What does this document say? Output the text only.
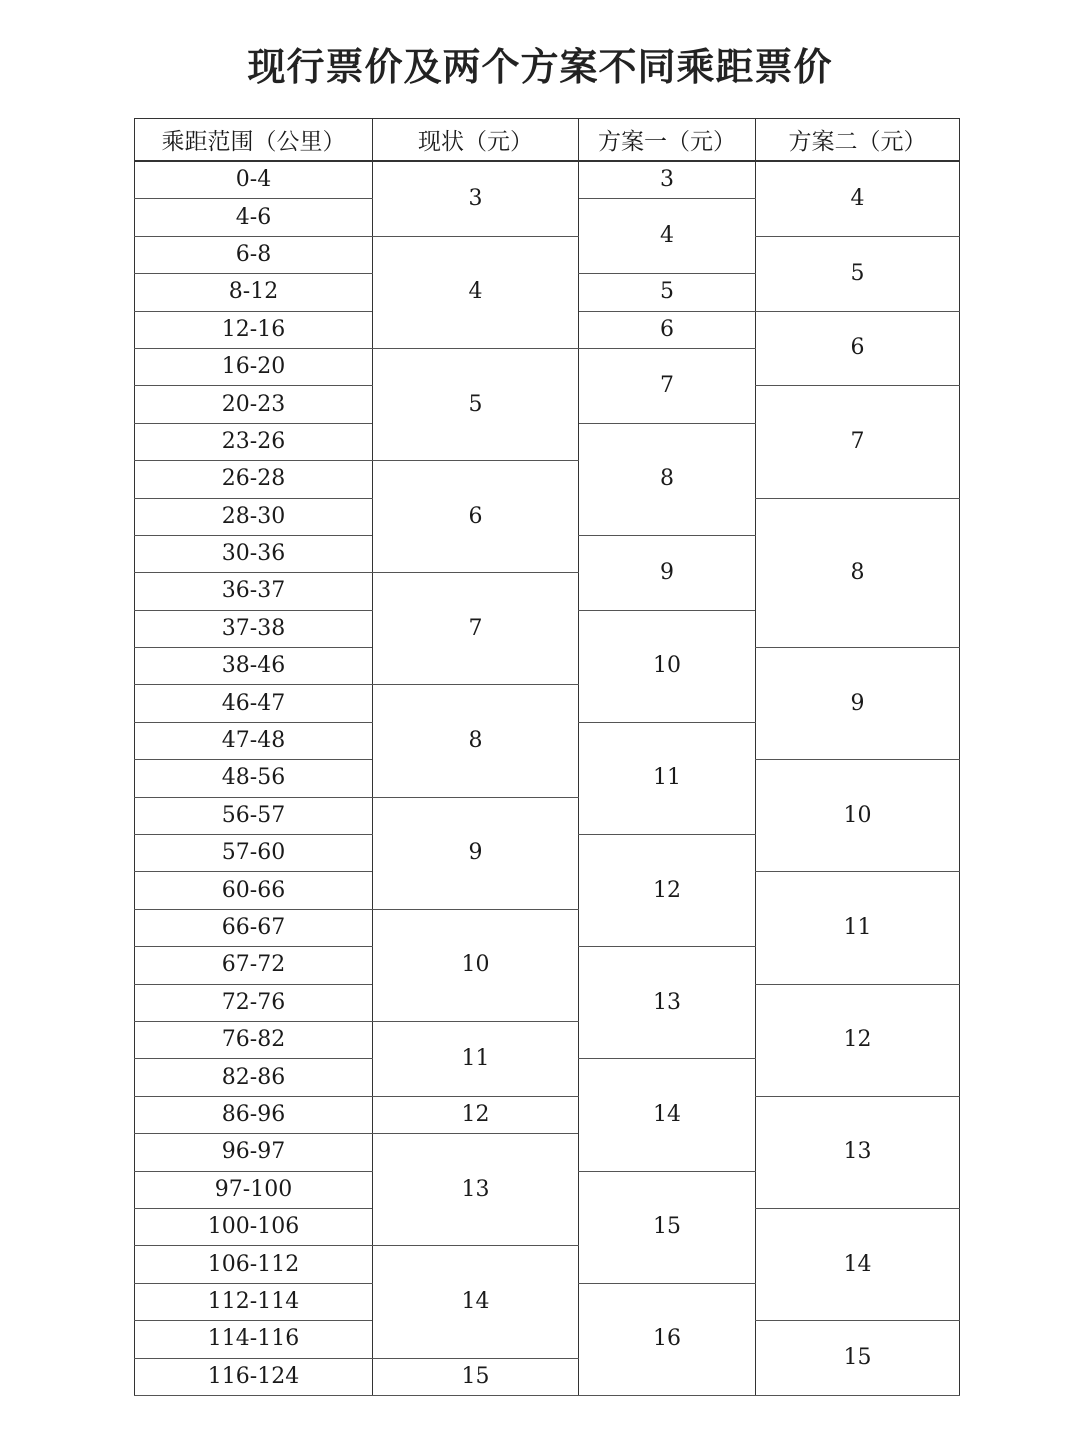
现行票价及两个方案不同乘距票价
乘距范围（公里）	现状（元）	方案一（元）	方案二（元）
0-4	3	3	4
4-6		4	
6-8	4		5
8-12		5	
12-16		6	6
16-20	5	7	
20-23			7
23-26		8	
26-28	6		
28-30			8
30-36		9	
36-37	7		
37-38		10	
38-46			9
46-47	8		
47-48		11	
48-56			10
56-57	9		
57-60		12	
60-66			11
66-67	10		
67-72		13	
72-76			12
76-82	11		
82-86		14	
86-96	12		13
96-97	13		
97-100		15	
100-106			14
106-112	14		
112-114		16	
114-116			15
116-124	15		
